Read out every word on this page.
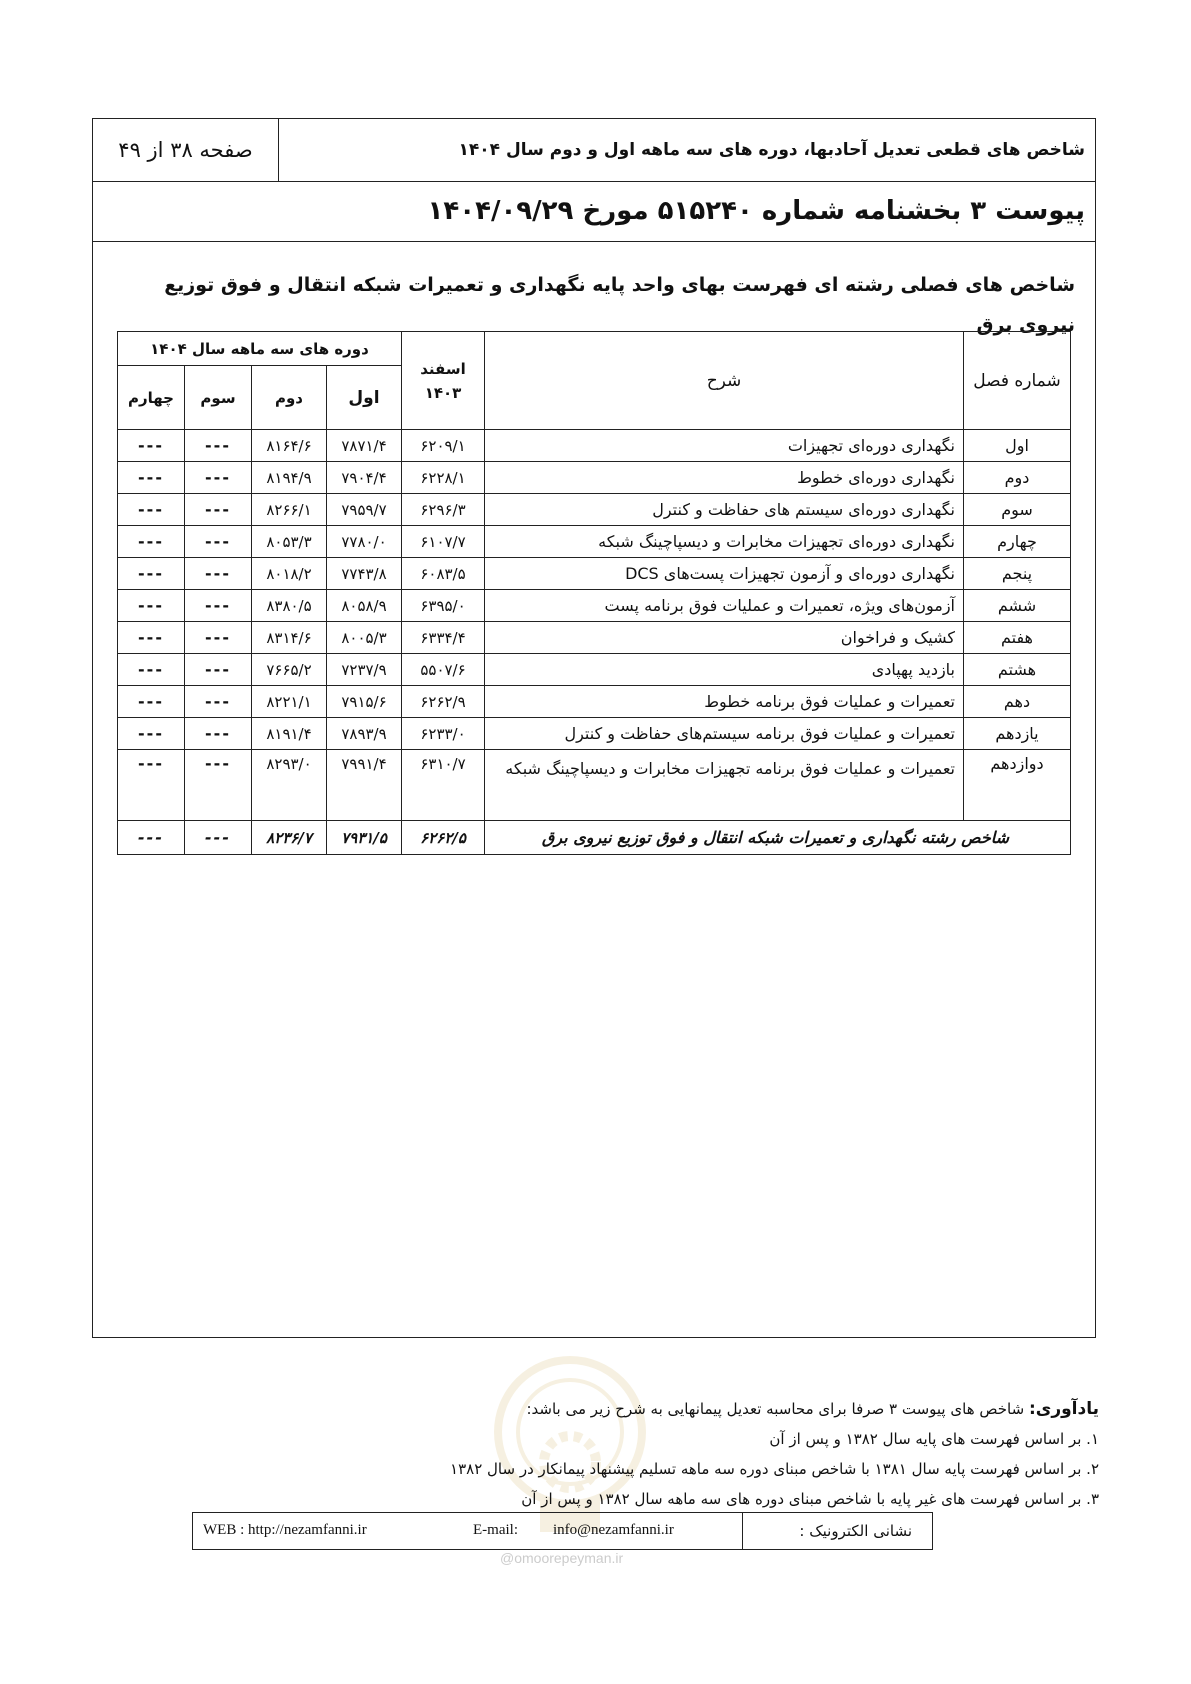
صفحه ۳۸ از ۴۹	شاخص های قطعی تعدیل آحادبها، دوره های سه ماهه اول و دوم سال ۱۴۰۴
پیوست ۳ بخشنامه شماره ۵۱۵۲۴۰ مورخ ۱۴۰۴/۰۹/۲۹
شاخص های فصلی رشته ای فهرست بهای واحد پایه نگهداری و تعمیرات شبکه انتقال و فوق توزیع نیروی برق
شماره فصل	شرح	اسفند ۱۴۰۳	دوره های سه ماهه سال ۱۴۰۴			
			اول	دوم	سوم	چهارم
اول	نگهداری دوره‌ای تجهیزات	۶۲۰۹/۱	۷۸۷۱/۴	۸۱۶۴/۶	---	---
دوم	نگهداری دوره‌ای خطوط	۶۲۲۸/۱	۷۹۰۴/۴	۸۱۹۴/۹	---	---
سوم	نگهداری دوره‌ای سیستم های حفاظت و کنترل	۶۲۹۶/۳	۷۹۵۹/۷	۸۲۶۶/۱	---	---
چهارم	نگهداری دوره‌ای تجهیزات مخابرات و دیسپاچینگ شبکه	۶۱۰۷/۷	۷۷۸۰/۰	۸۰۵۳/۳	---	---
پنجم	نگهداری دوره‌ای و آزمون تجهیزات پست‌های DCS	۶۰۸۳/۵	۷۷۴۳/۸	۸۰۱۸/۲	---	---
ششم	آزمون‌های ویژه، تعمیرات و عملیات فوق برنامه پست	۶۳۹۵/۰	۸۰۵۸/۹	۸۳۸۰/۵	---	---
هفتم	کشیک و فراخوان	۶۳۳۴/۴	۸۰۰۵/۳	۸۳۱۴/۶	---	---
هشتم	بازدید پهپادی	۵۵۰۷/۶	۷۲۳۷/۹	۷۶۶۵/۲	---	---
دهم	تعمیرات و عملیات فوق برنامه خطوط	۶۲۶۲/۹	۷۹۱۵/۶	۸۲۲۱/۱	---	---
یازدهم	تعمیرات و عملیات فوق برنامه سیستم‌های حفاظت و کنترل	۶۲۳۳/۰	۷۸۹۳/۹	۸۱۹۱/۴	---	---
دوازدهم	تعمیرات و عملیات فوق برنامه تجهیزات مخابرات و دیسپاچینگ شبکه	۶۳۱۰/۷	۷۹۹۱/۴	۸۲۹۳/۰	---	---
شاخص رشته نگهداری و تعمیرات شبکه انتقال و فوق توزیع نیروی برق		۶۲۶۲/۵	۷۹۳۱/۵	۸۲۳۶/۷	---	---
یادآوری: شاخص های پیوست ۳ صرفا برای محاسبه تعدیل پیمانهایی به شرح زیر می باشد:
۱. بر اساس فهرست های پایه سال ۱۳۸۲ و پس از آن
۲. بر اساس فهرست پایه سال ۱۳۸۱ با شاخص مبنای دوره سه ماهه تسلیم پیشنهاد پیمانکار در سال ۱۳۸۲
۳. بر اساس فهرست های غیر پایه با شاخص مبنای دوره های سه ماهه سال ۱۳۸۲ و پس از آن
نشانی الکترونیک :
WEB : http://nezamfanni.ir	E-mail: info@nezamfanni.ir
@omoorepeyman.ir
